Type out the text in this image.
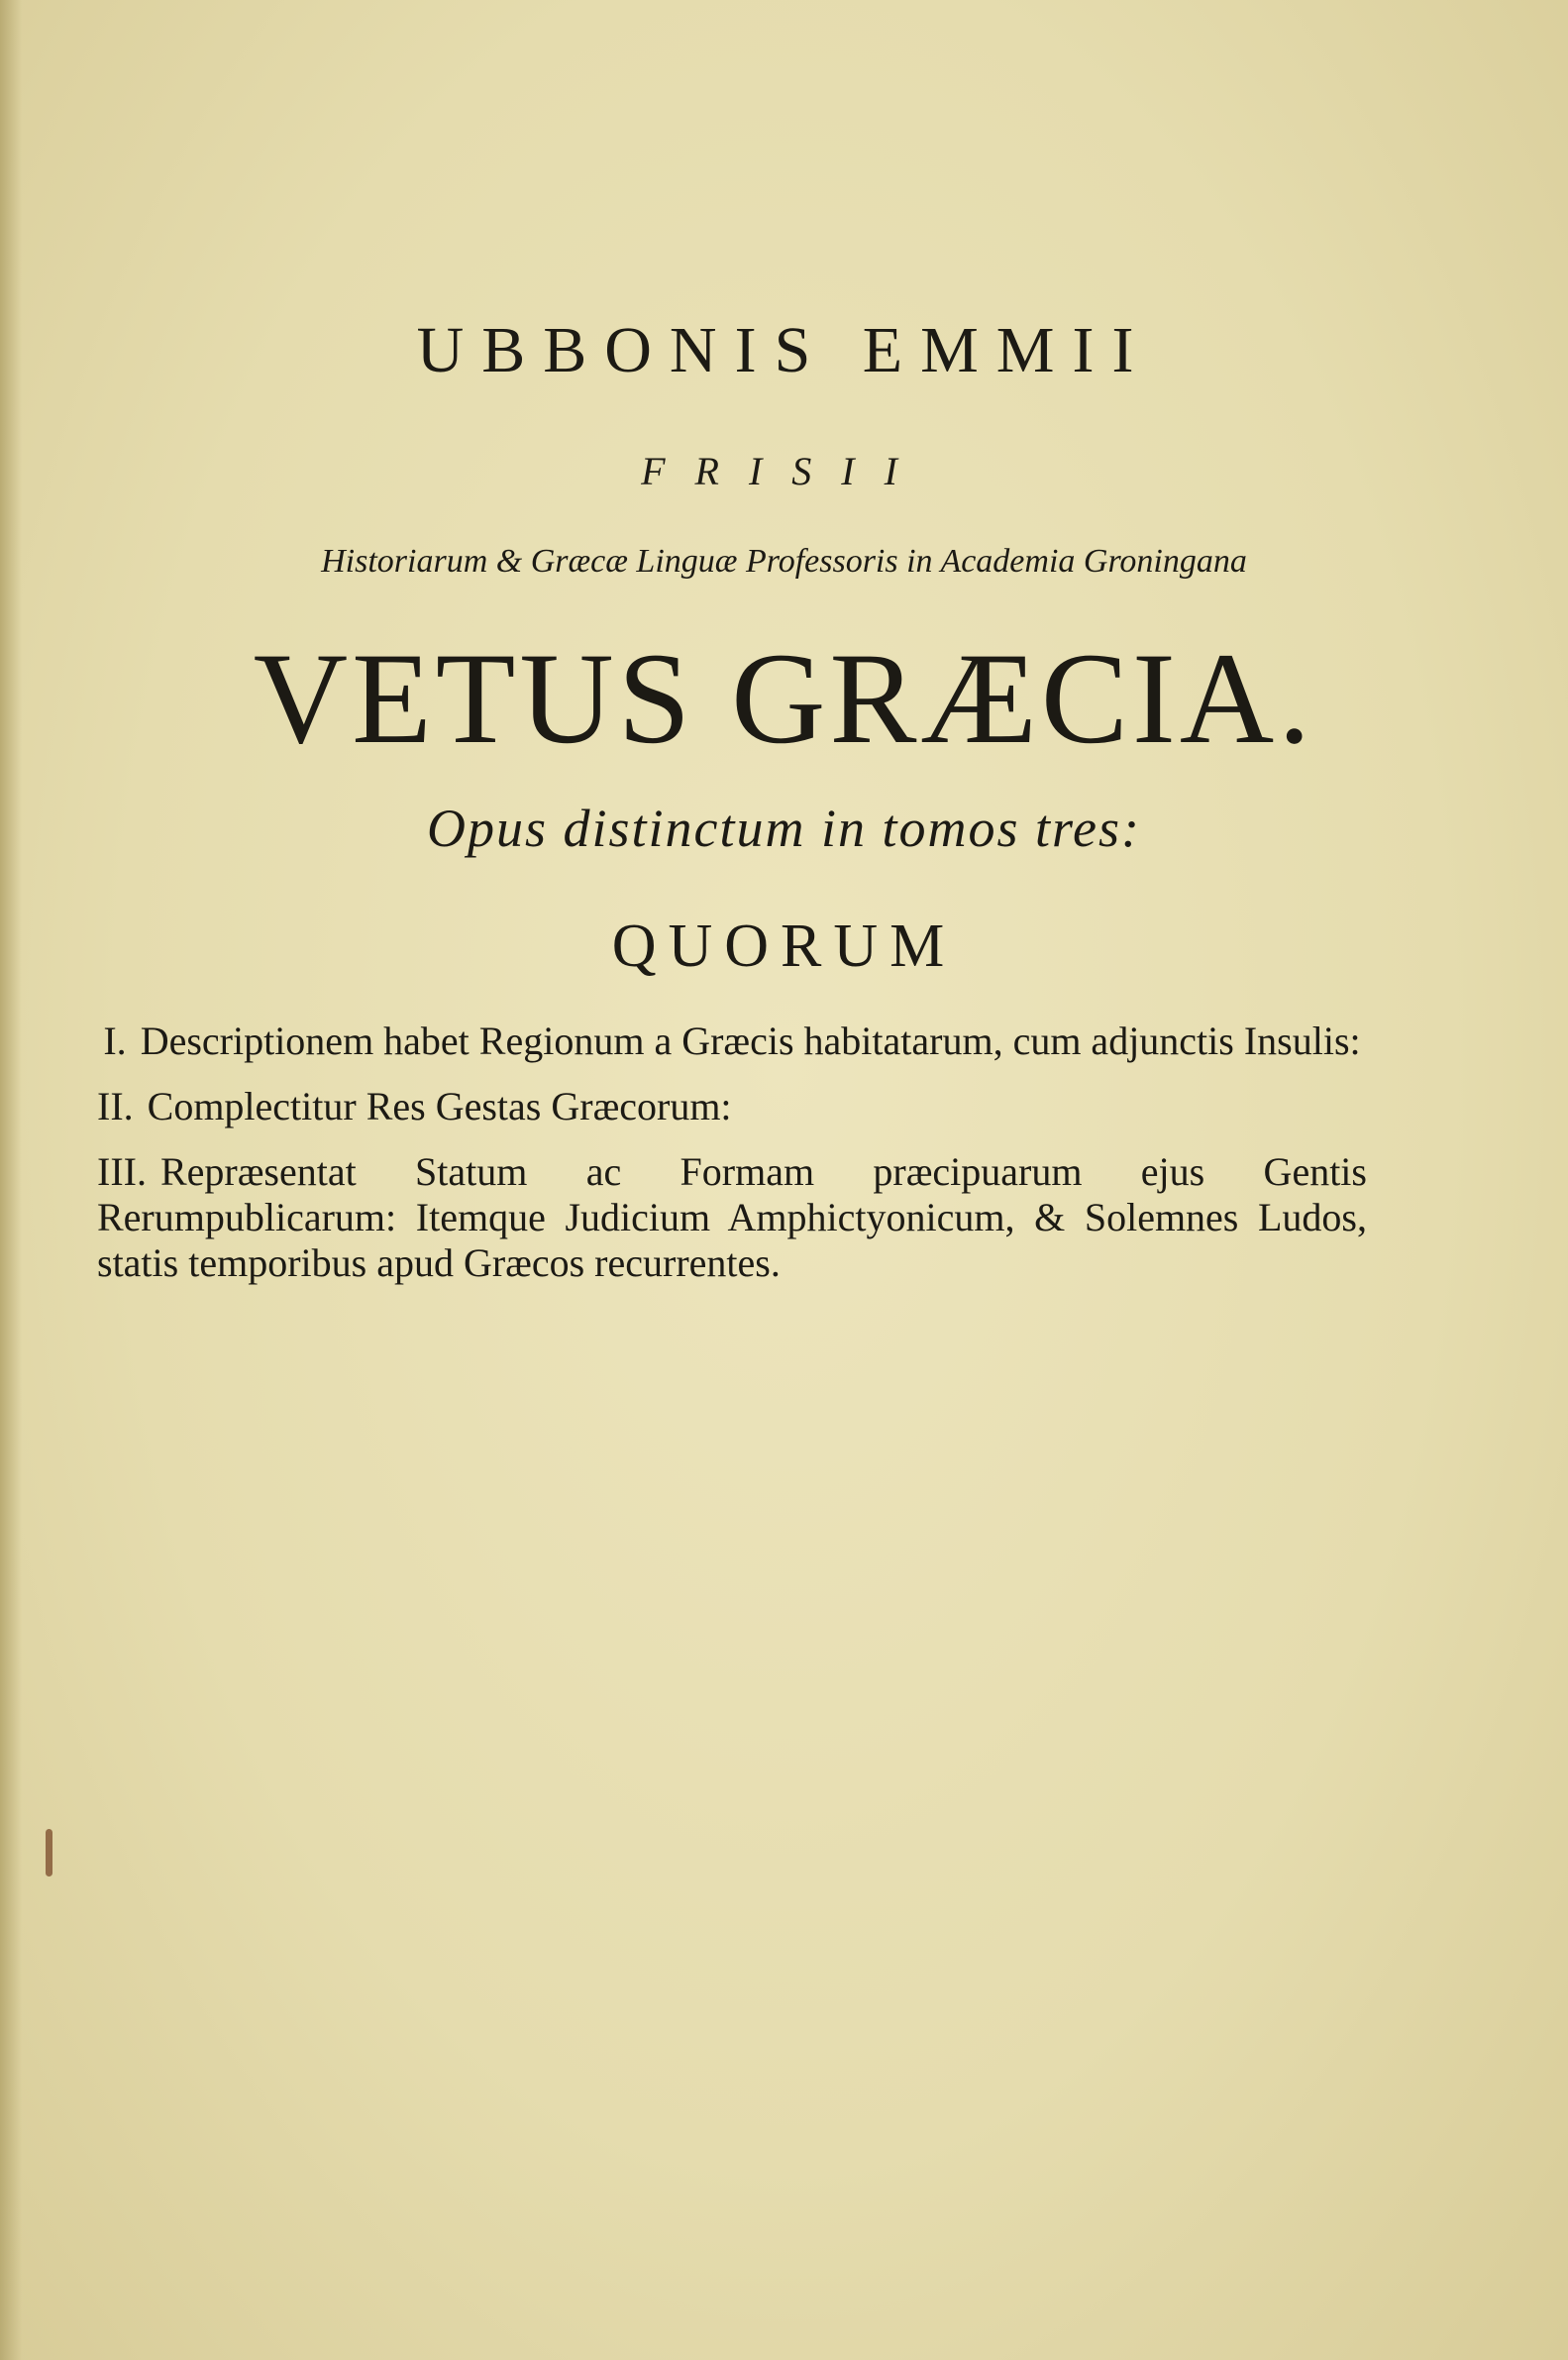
UBBONIS EMMII
FRISII
Historiarum & Græcæ Linguæ Professoris in Academia Groningana
VETUS GRÆCIA.
Opus distinctum in tomos tres:
QUORUM
I. Descriptionem habet Regionum a Græcis habitatarum, cum adjunctis Insulis:
II. Complectitur Res Gestas Græcorum:
III. Repræsentat Statum ac Formam præcipuarum ejus Gentis Rerumpublicarum: Itemque Judicium Amphictyonicum, & Solemnes Ludos, statis temporibus apud Græcos recurrentes.
